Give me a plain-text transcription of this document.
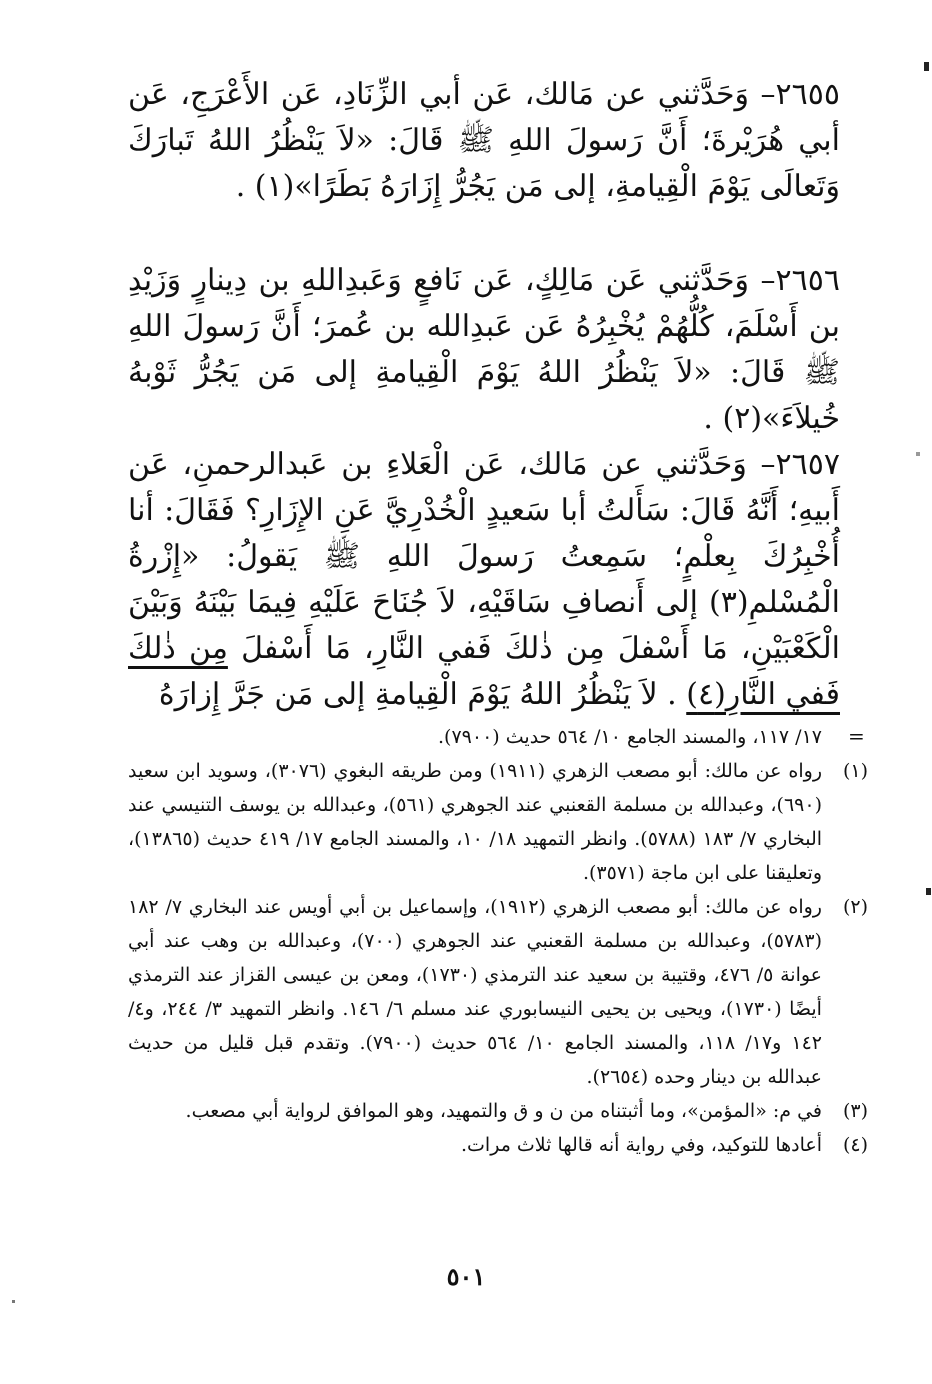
٢٦٥٥– وَحَدَّثني عن مَالك، عَن أبي الزِّنَادِ، عَن الأَعْرَجِ، عَن أبي هُرَيْرةَ؛ أَنَّ رَسولَ اللهِ ﷺ قَالَ: «لاَ يَنْظُرُ اللهُ تَبارَكَ وَتَعالَى يَوْمَ الْقِيامةِ، إلى مَن يَجُرُّ إِزَارَهُ بَطَرًا»(١) .

٢٦٥٦– وَحَدَّثني عَن مَالِكٍ، عَن نَافعٍ وَعَبدِاللهِ بن دِينارٍ وَزَيْدِ بن أَسْلَمَ، كُلُّهُمْ يُخْبِرُهُ عَن عَبدِالله بن عُمرَ؛ أَنَّ رَسولَ اللهِ ﷺ قَالَ: «لاَ يَنْظُرُ اللهُ يَوْمَ الْقِيامةِ إلى مَن يَجُرُّ ثَوْبهُ خُيلاَءَ»(٢) .

٢٦٥٧– وَحَدَّثني عن مَالك، عَن الْعَلاءِ بن عَبدالرحمنِ، عَن أَبيهِ؛ أَنَّهُ قَالَ: سَأَلتُ أبا سَعيدٍ الْخُدْرِيَّ عَنِ الإِزَارِ؟ فَقَالَ: أنا أُخْبِرُكَ بِعلْمٍ؛ سَمِعتُ رَسولَ اللهِ ﷺ يَقولُ: «إِزْرةُ الْمُسْلمِ(٣) إلى أَنصافِ سَاقَيْهِ، لاَ جُنَاحَ عَلَيْهِ فِيمَا بَيْنَهُ وَبَيْنَ الْكَعْبَيْنِ، مَا أَسْفلَ مِن ذٰلكَ فَفي النَّارِ، مَا أَسْفلَ مِن ذٰلكَ فَفي النَّارِ(٤) . لاَ يَنْظُرُ اللهُ يَوْمَ الْقِيامةِ إلى مَن جَرَّ إِزارَهُ

=
١٧/ ١١٧، والمسند الجامع ١٠/ ٥٦٤ حديث (٧٩٠٠).
(١)
رواه عن مالك: أبو مصعب الزهري (١٩١١) ومن طريقه البغوي (٣٠٧٦)، وسويد ابن سعيد (٦٩٠)، وعبدالله بن مسلمة القعنبي عند الجوهري (٥٦١)، وعبدالله بن يوسف التنيسي عند البخاري ٧/ ١٨٣ (٥٧٨٨). وانظر التمهيد ١٨/ ١٠، والمسند الجامع ١٧/ ٤١٩ حديث (١٣٨٦٥)، وتعليقنا على ابن ماجة (٣٥٧١).
(٢)
رواه عن مالك: أبو مصعب الزهري (١٩١٢)، وإسماعيل بن أبي أويس عند البخاري ٧/ ١٨٢ (٥٧٨٣)، وعبدالله بن مسلمة القعنبي عند الجوهري (٧٠٠)، وعبدالله بن وهب عند أبي عوانة ٥/ ٤٧٦، وقتيبة بن سعيد عند الترمذي (١٧٣٠)، ومعن بن عيسى القزاز عند الترمذي أيضًا (١٧٣٠)، ويحيى بن يحيى النيسابوري عند مسلم ٦/ ١٤٦. وانظر التمهيد ٣/ ٢٤٤، و٤/ ١٤٢ و١٧/ ١١٨، والمسند الجامع ١٠/ ٥٦٤ حديث (٧٩٠٠). وتقدم قبل قليل من حديث عبدالله بن دينار وحده (٢٦٥٤).
(٣)
في م: «المؤمن»، وما أثبتناه من ن و ق والتمهيد، وهو الموافق لرواية أبي مصعب.
(٤)
أعادها للتوكيد، وفي رواية أنه قالها ثلاث مرات.
٥٠١
